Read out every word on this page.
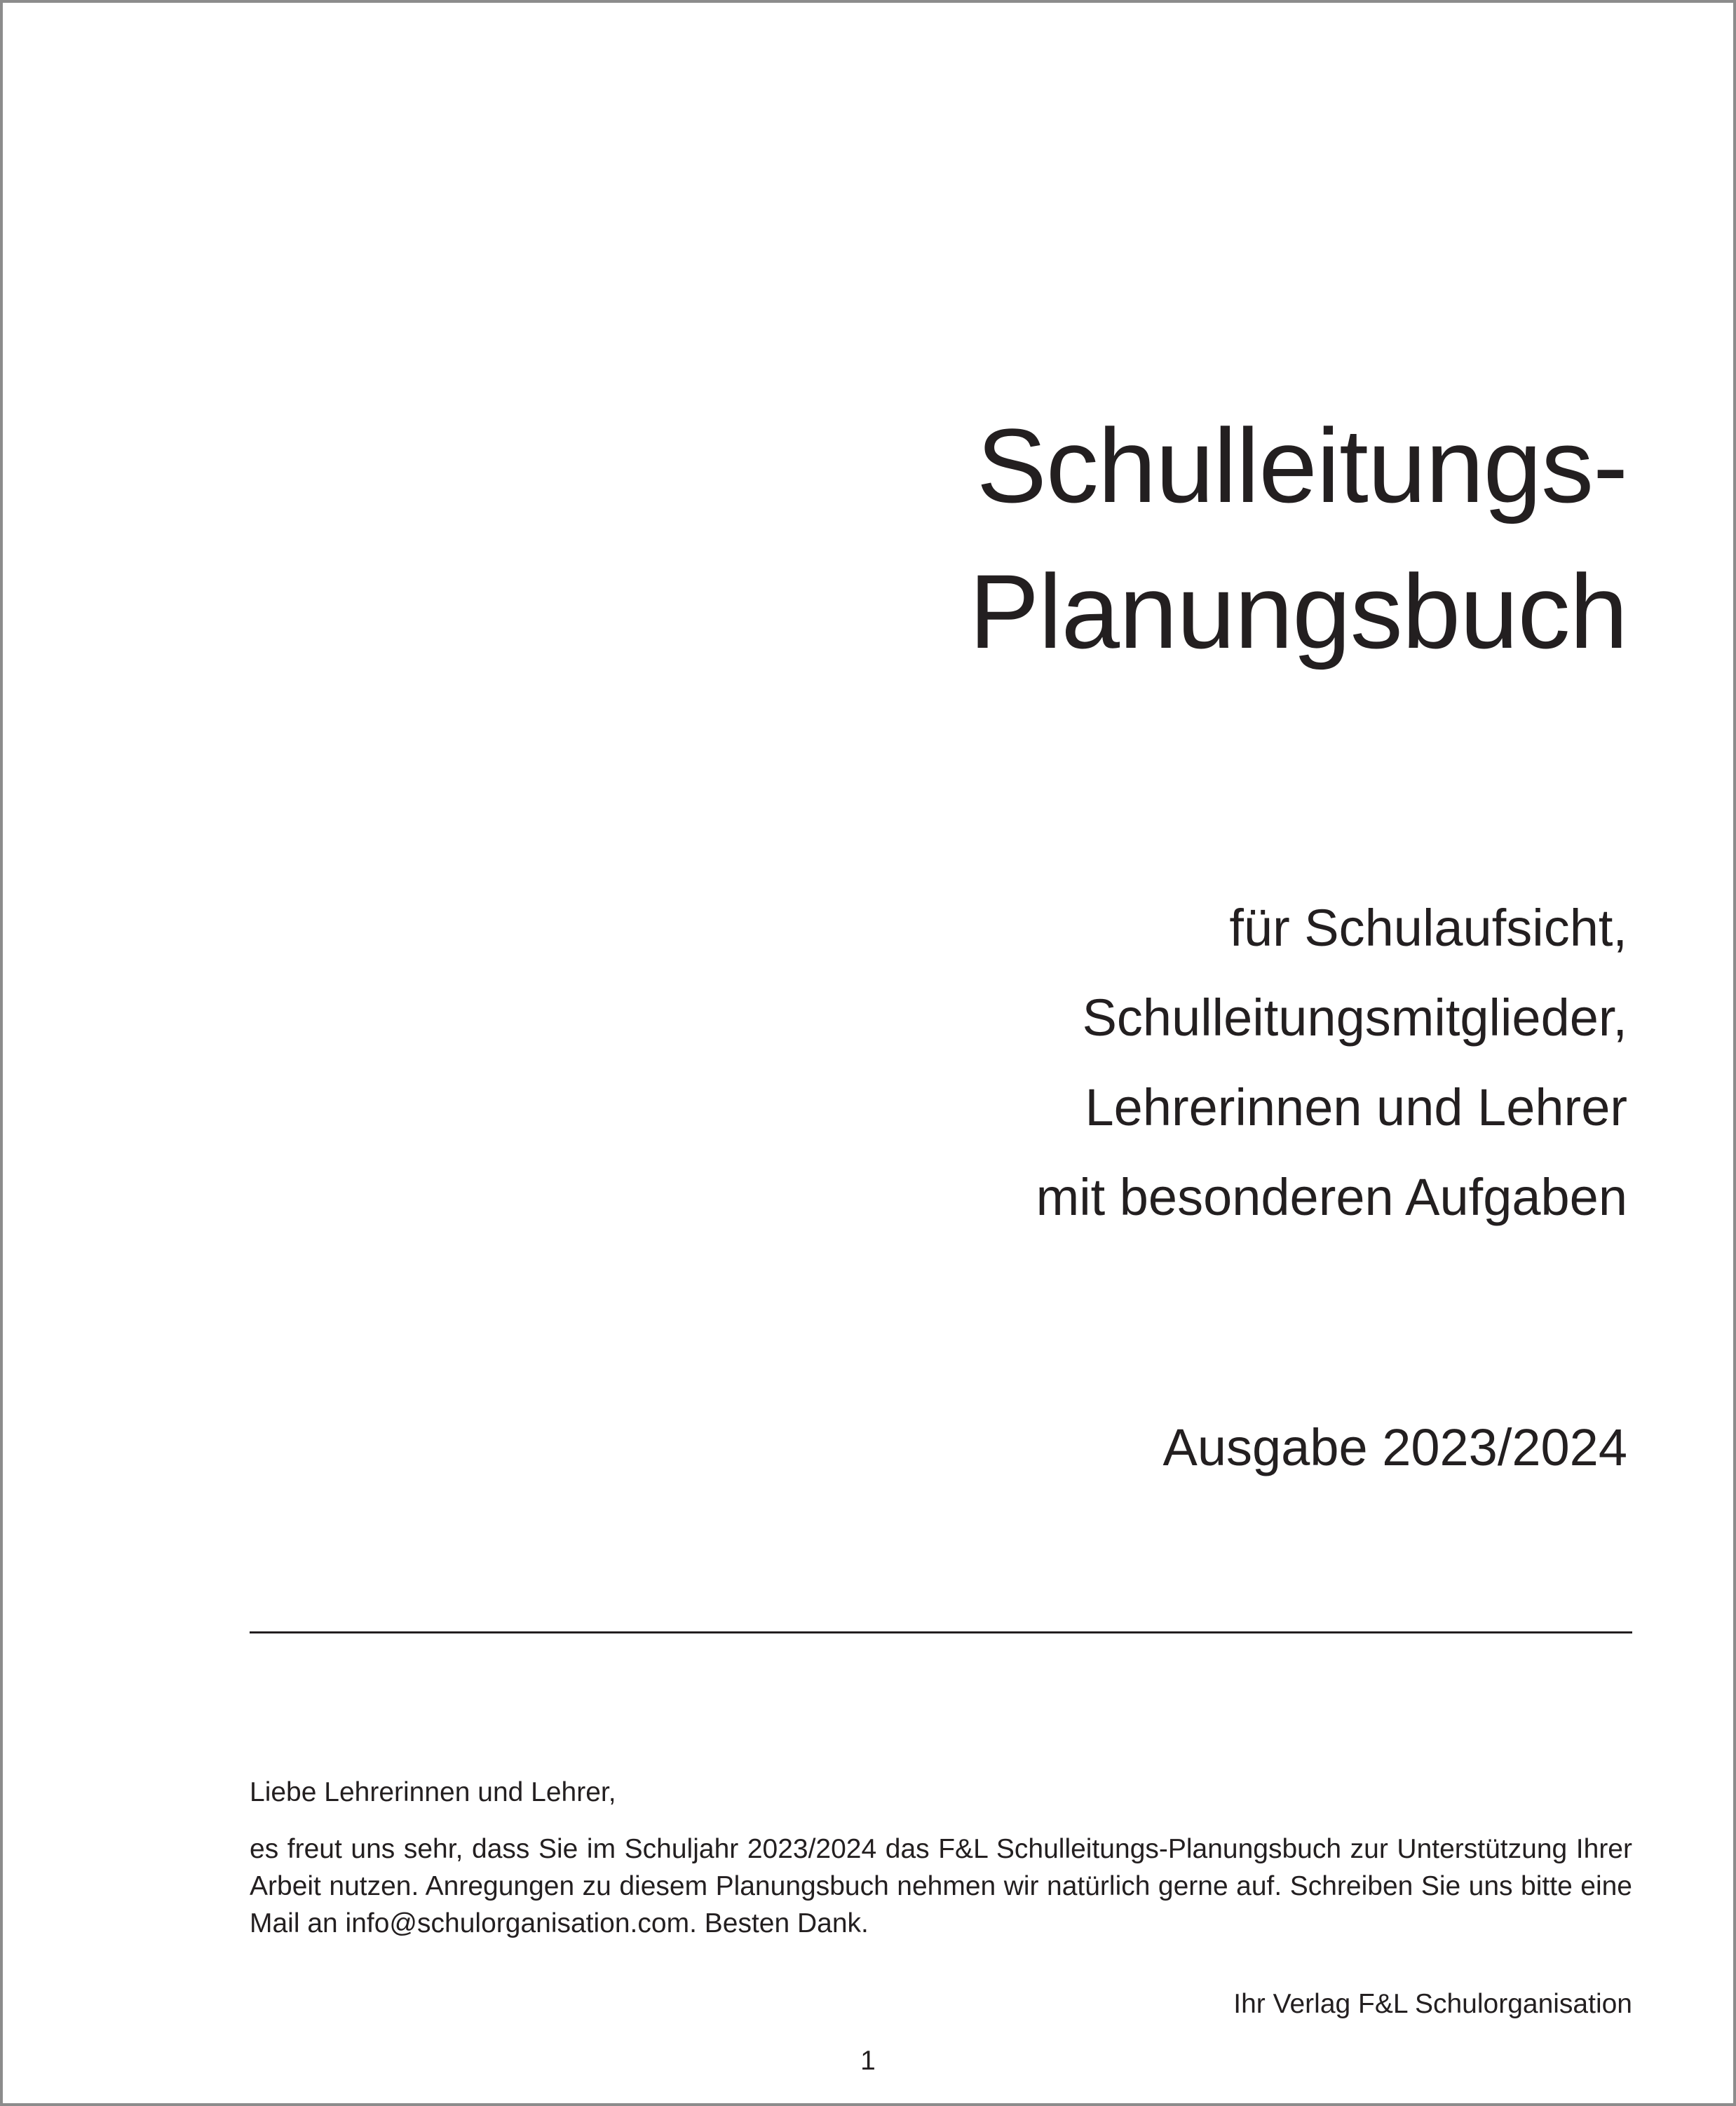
Schulleitungs-
Planungsbuch
für Schulaufsicht,
Schulleitungsmitglieder,
Lehrerinnen und Lehrer
mit besonderen Aufgaben
Ausgabe 2023/2024

Liebe Lehrerinnen und Lehrer,

es freut uns sehr, dass Sie im Schuljahr 2023/2024 das F&L Schulleitungs-Planungsbuch zur Unterstützung Ihrer Arbeit nutzen. Anregungen zu diesem Planungsbuch nehmen wir natürlich gerne auf. Schreiben Sie uns bitte eine Mail an info@schulorganisation.com. Besten Dank.

Ihr Verlag F&L Schulorganisation
1
